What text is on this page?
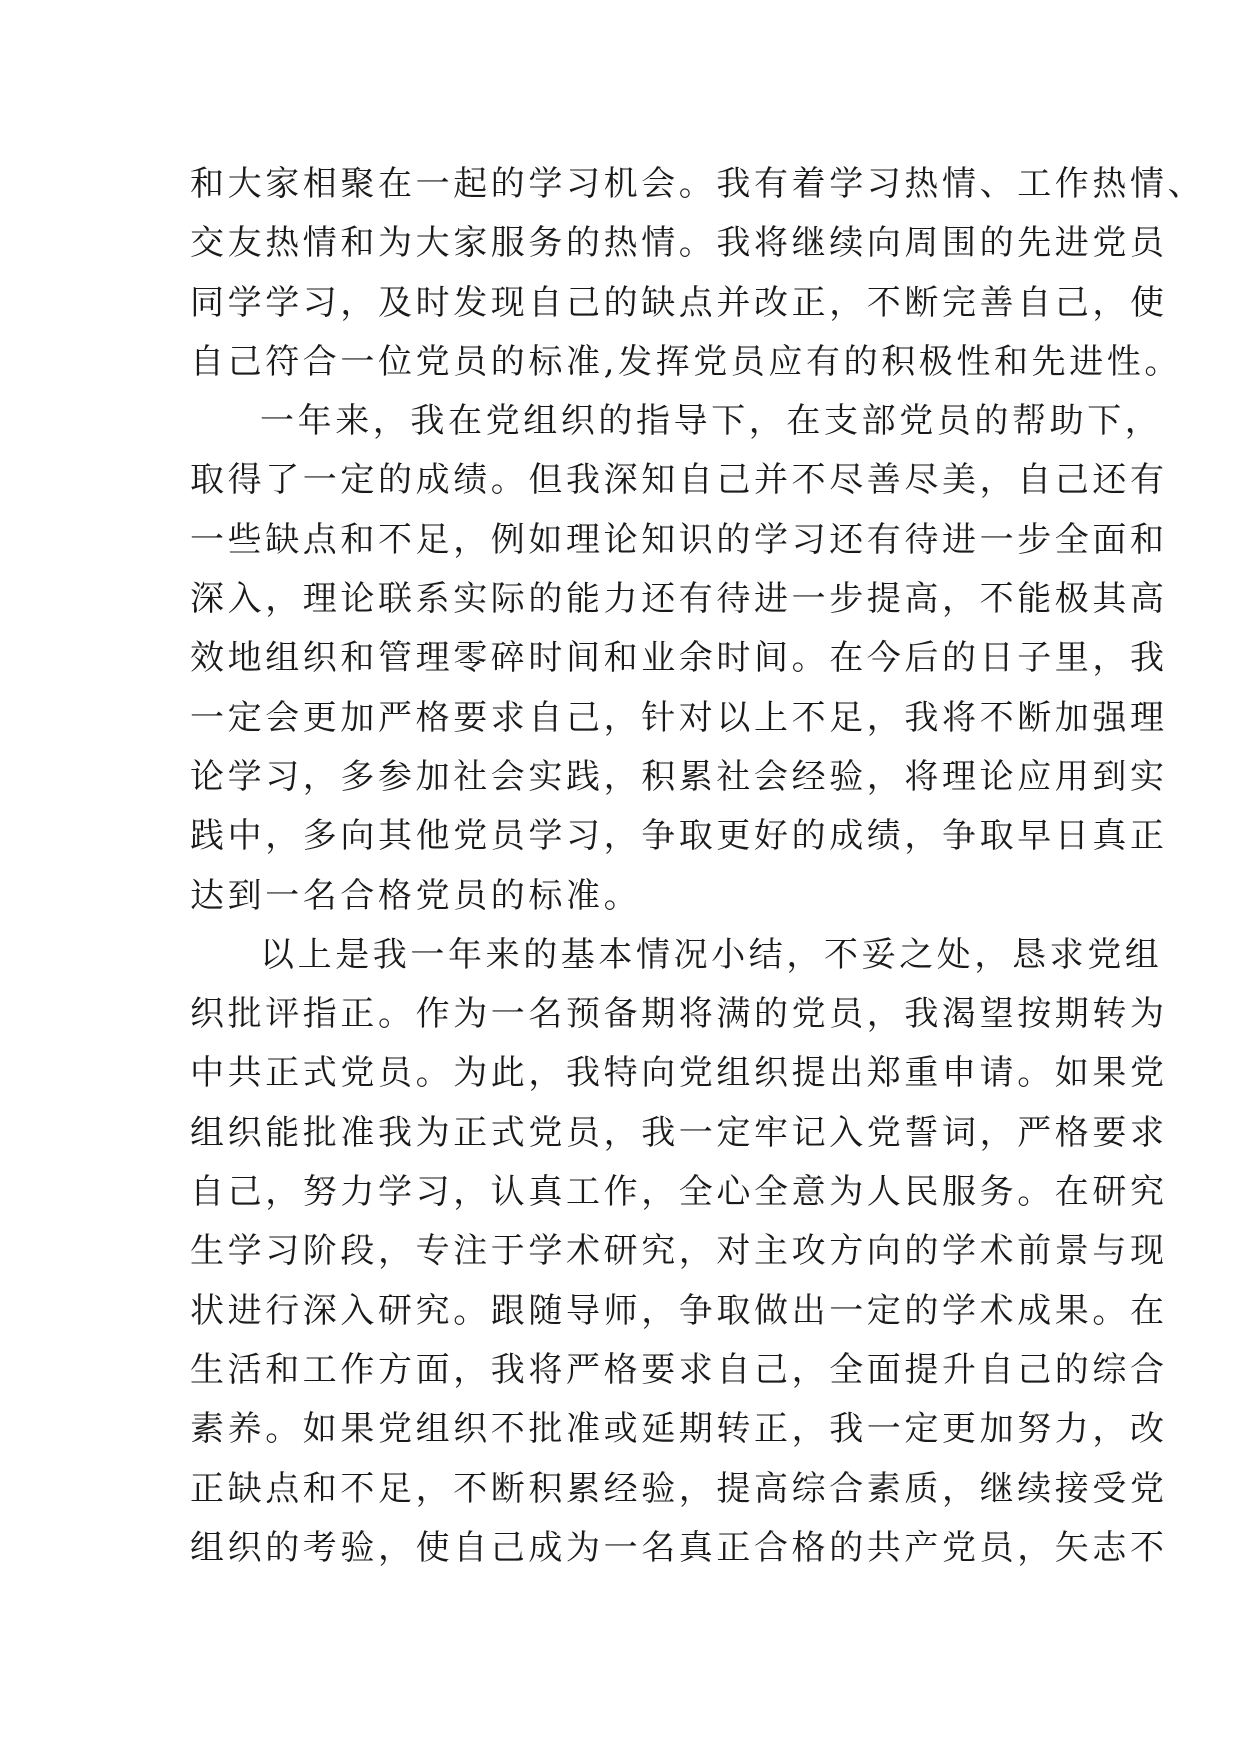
和大家相聚在一起的学习机会。我有着学习热情、工作热情、
交友热情和为大家服务的热情。我将继续向周围的先进党员
同学学习，及时发现自己的缺点并改正，不断完善自己，使
自己符合一位党员的标准,发挥党员应有的积极性和先进性。
一年来，我在党组织的指导下，在支部党员的帮助下，
取得了一定的成绩。但我深知自己并不尽善尽美，自己还有
一些缺点和不足，例如理论知识的学习还有待进一步全面和
深入，理论联系实际的能力还有待进一步提高，不能极其高
效地组织和管理零碎时间和业余时间。在今后的日子里，我
一定会更加严格要求自己，针对以上不足，我将不断加强理
论学习，多参加社会实践，积累社会经验，将理论应用到实
践中，多向其他党员学习，争取更好的成绩，争取早日真正
达到一名合格党员的标准。
以上是我一年来的基本情况小结，不妥之处，恳求党组
织批评指正。作为一名预备期将满的党员，我渴望按期转为
中共正式党员。为此，我特向党组织提出郑重申请。如果党
组织能批准我为正式党员，我一定牢记入党誓词，严格要求
自己，努力学习，认真工作，全心全意为人民服务。在研究
生学习阶段，专注于学术研究，对主攻方向的学术前景与现
状进行深入研究。跟随导师，争取做出一定的学术成果。在
生活和工作方面，我将严格要求自己，全面提升自己的综合
素养。如果党组织不批准或延期转正，我一定更加努力，改
正缺点和不足，不断积累经验，提高综合素质，继续接受党
组织的考验，使自己成为一名真正合格的共产党员，矢志不
